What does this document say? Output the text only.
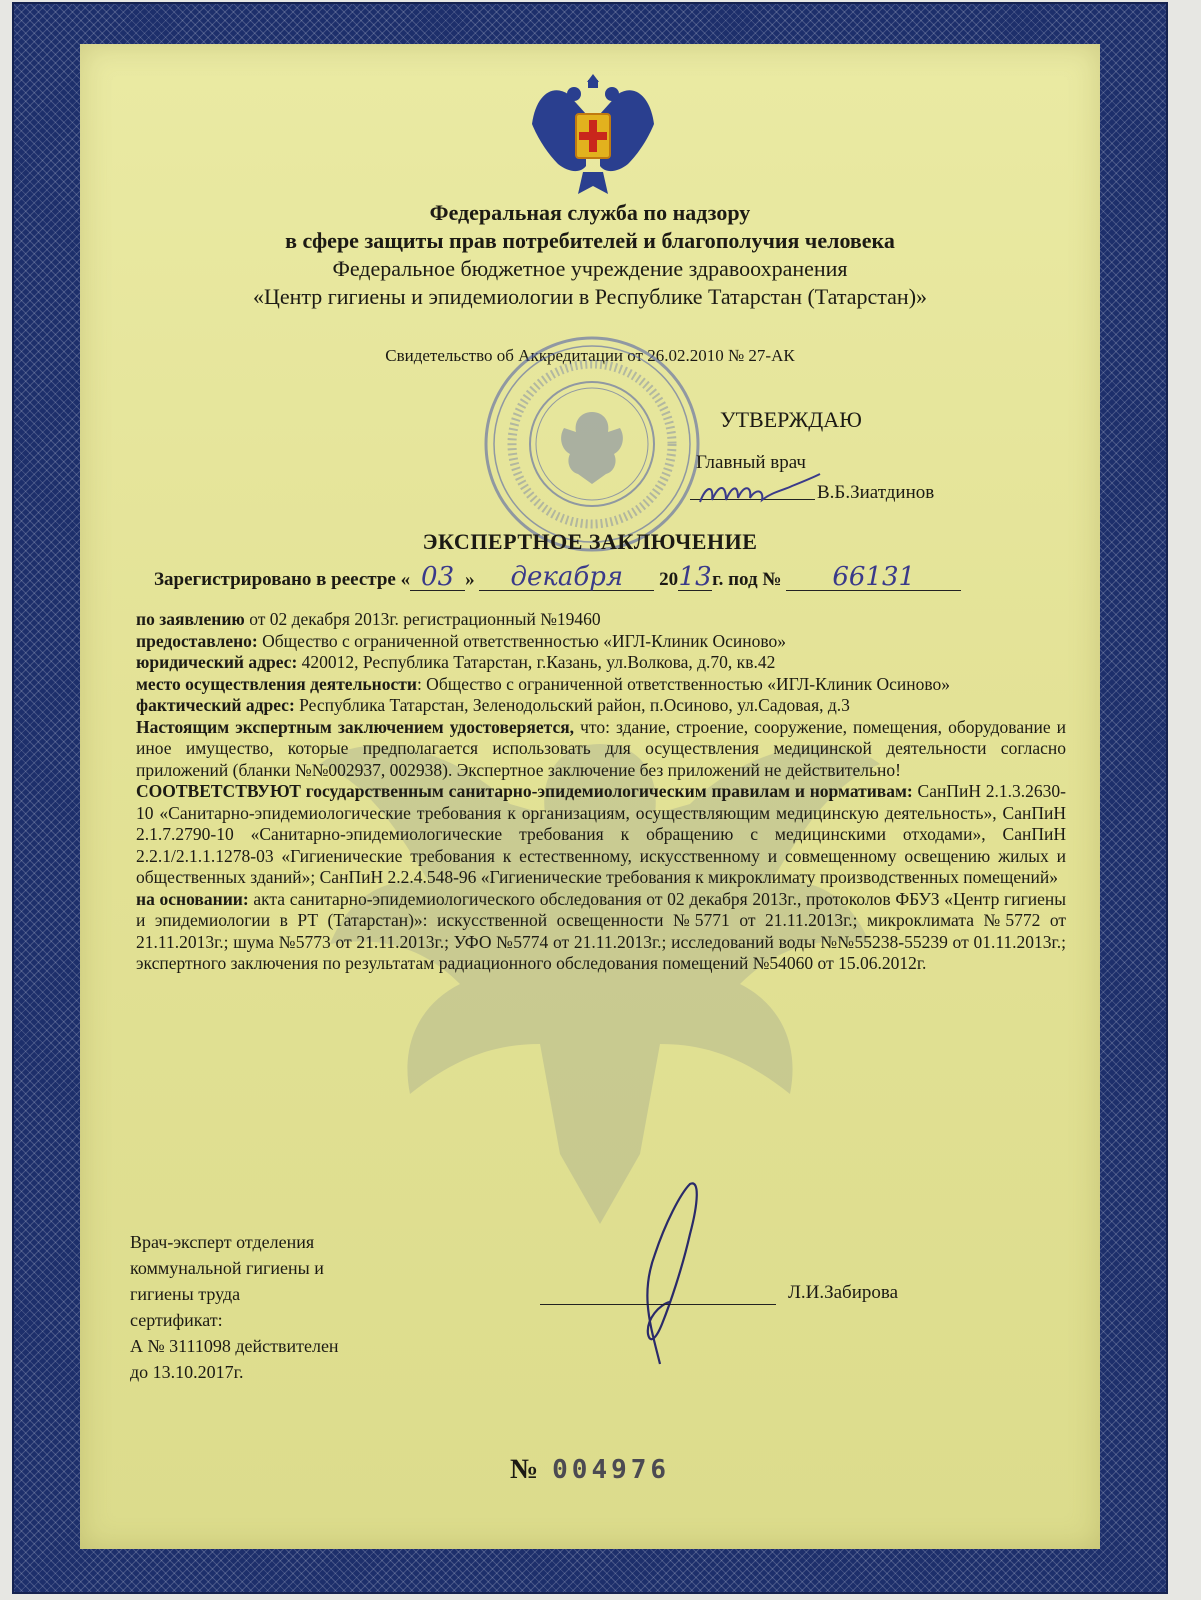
Федеральная служба по надзору
в сфере защиты прав потребителей и благополучия человека
Федеральное бюджетное учреждение здравоохранения
«Центр гигиены и эпидемиологии в Республике Татарстан (Татарстан)»
Свидетельство об Аккредитации от 26.02.2010 № 27-АК
УТВЕРЖДАЮ
Главный врач
В.Б.Зиатдинов
ЭКСПЕРТНОЕ ЗАКЛЮЧЕНИЕ
Зарегистрировано в реестре « 03 » декабря 2013г. под № 66131

по заявлению от 02 декабря 2013г. регистрационный №19460

предоставлено: Общество с ограниченной ответственностью «ИГЛ-Клиник Осиново»

юридический адрес: 420012, Республика Татарстан, г.Казань, ул.Волкова, д.70, кв.42

место осуществления деятельности: Общество с ограниченной ответственностью «ИГЛ-Клиник Осиново»

фактический адрес: Республика Татарстан, Зеленодольский район, п.Осиново, ул.Садовая, д.3

Настоящим экспертным заключением удостоверяется, что: здание, строение, сооружение, помещения, оборудование и иное имущество, которые предполагается использовать для осуществления медицинской деятельности согласно приложений (бланки №№002937, 002938). Экспертное заключение без приложений не действительно!

СООТВЕТСТВУЮТ государственным санитарно-эпидемиологическим правилам и нормативам: СанПиН 2.1.3.2630-10 «Санитарно-эпидемиологические требования к организациям, осуществляющим медицинскую деятельность», СанПиН 2.1.7.2790-10 «Санитарно-эпидемиологические требования к обращению с медицинскими отходами», СанПиН 2.2.1/2.1.1.1278-03 «Гигиенические требования к естественному, искусственному и совмещенному освещению жилых и общественных зданий»; СанПиН 2.2.4.548-96 «Гигиенические требования к микроклимату производственных помещений»

на основании: акта санитарно-эпидемиологического обследования от 02 декабря 2013г., протоколов ФБУЗ «Центр гигиены и эпидемиологии в РТ (Татарстан)»: искусственной освещенности №5771 от 21.11.2013г.; микроклимата №5772 от 21.11.2013г.; шума №5773 от 21.11.2013г.; УФО №5774 от 21.11.2013г.; исследований воды №№55238-55239 от 01.11.2013г.; экспертного заключения по результатам радиационного обследования помещений №54060 от 15.06.2012г.

Врач-эксперт отделения
коммунальной гигиены и
гигиены труда
сертификат:
А № 3111098 действителен
до 13.10.2017г.
Л.И.Забирова
№ 004976
